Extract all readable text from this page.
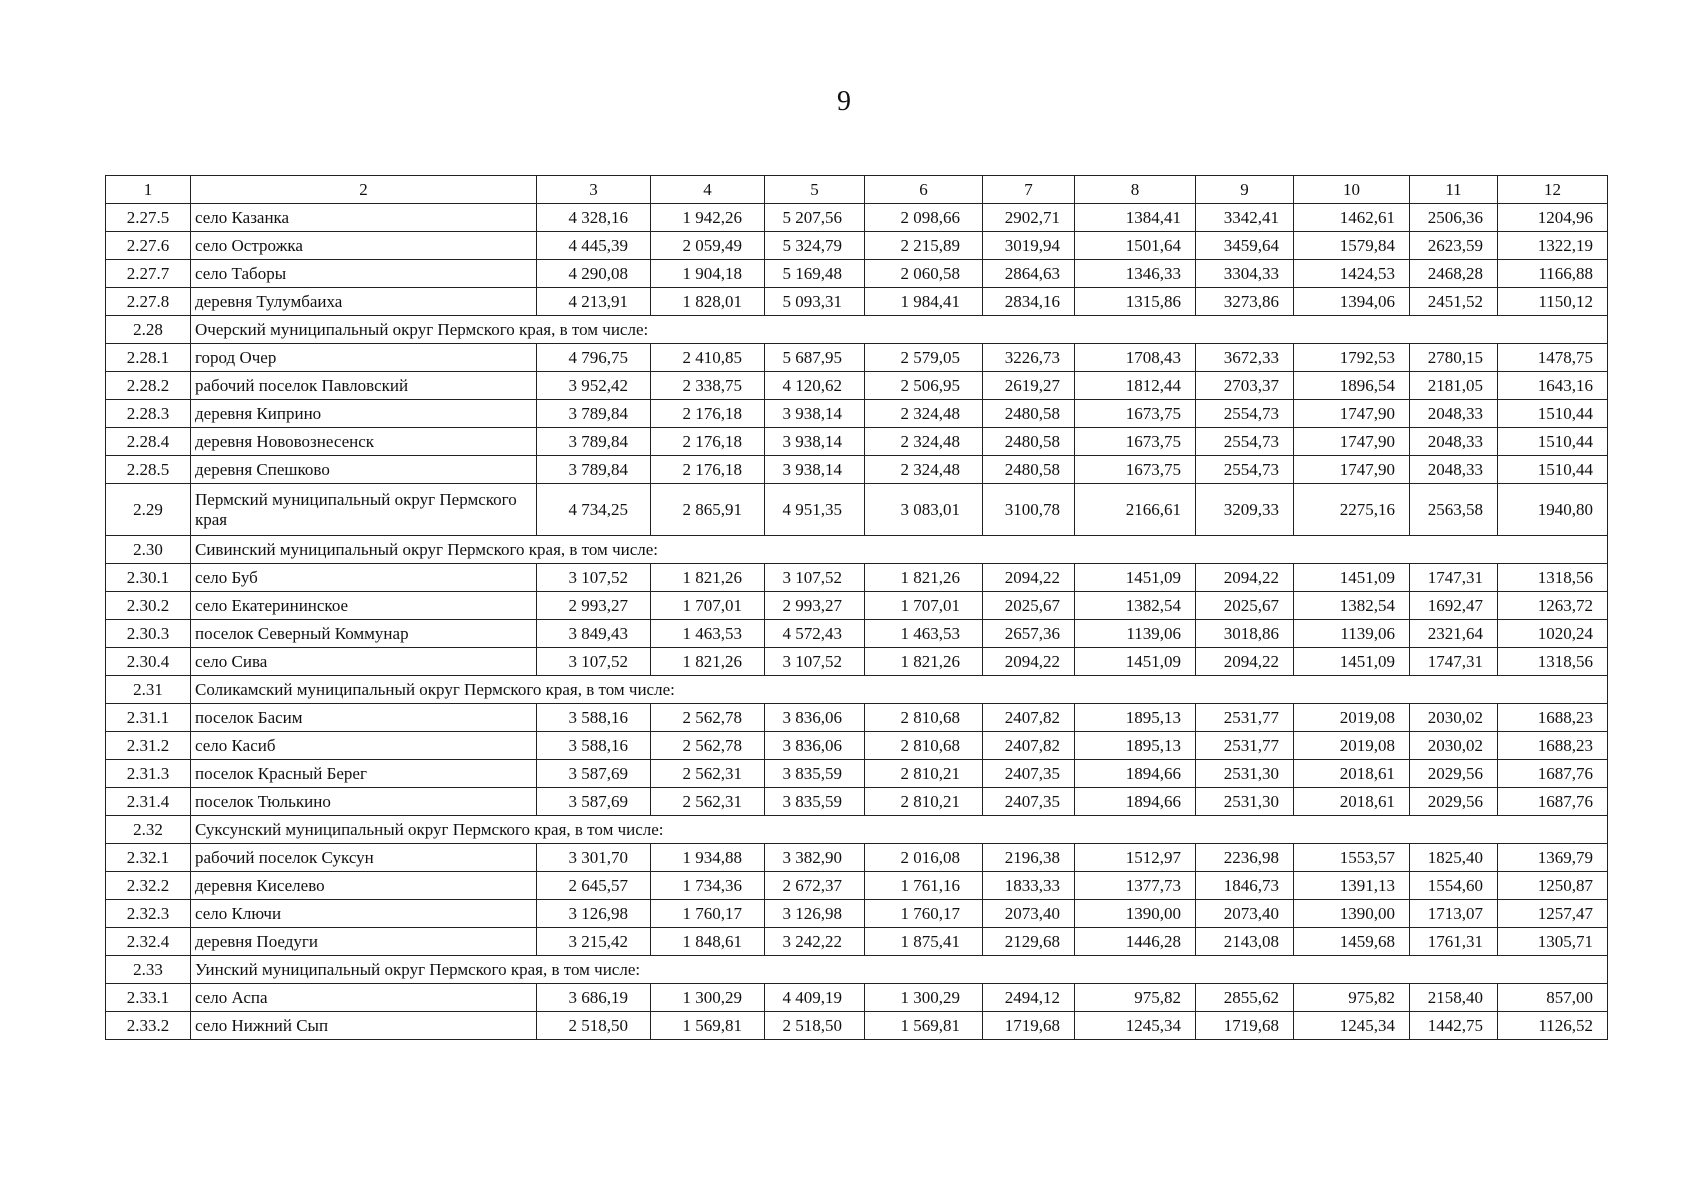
9
1	2	3	4	5	6	7	8	9	10	11	12
2.27.5	село Казанка	4 328,16	1 942,26	5 207,56	2 098,66	2902,71	1384,41	3342,41	1462,61	2506,36	1204,96
2.27.6	село Острожка	4 445,39	2 059,49	5 324,79	2 215,89	3019,94	1501,64	3459,64	1579,84	2623,59	1322,19
2.27.7	село Таборы	4 290,08	1 904,18	5 169,48	2 060,58	2864,63	1346,33	3304,33	1424,53	2468,28	1166,88
2.27.8	деревня Тулумбаиха	4 213,91	1 828,01	5 093,31	1 984,41	2834,16	1315,86	3273,86	1394,06	2451,52	1150,12
2.28	Очерский муниципальный округ Пермского края, в том числе:										
2.28.1	город Очер	4 796,75	2 410,85	5 687,95	2 579,05	3226,73	1708,43	3672,33	1792,53	2780,15	1478,75
2.28.2	рабочий поселок Павловский	3 952,42	2 338,75	4 120,62	2 506,95	2619,27	1812,44	2703,37	1896,54	2181,05	1643,16
2.28.3	деревня Киприно	3 789,84	2 176,18	3 938,14	2 324,48	2480,58	1673,75	2554,73	1747,90	2048,33	1510,44
2.28.4	деревня Нововознесенск	3 789,84	2 176,18	3 938,14	2 324,48	2480,58	1673,75	2554,73	1747,90	2048,33	1510,44
2.28.5	деревня Спешково	3 789,84	2 176,18	3 938,14	2 324,48	2480,58	1673,75	2554,73	1747,90	2048,33	1510,44
2.29	Пермский муниципальный округ Пермского края	4 734,25	2 865,91	4 951,35	3 083,01	3100,78	2166,61	3209,33	2275,16	2563,58	1940,80
2.30	Сивинский муниципальный округ Пермского края, в том числе:										
2.30.1	село Буб	3 107,52	1 821,26	3 107,52	1 821,26	2094,22	1451,09	2094,22	1451,09	1747,31	1318,56
2.30.2	село Екатерининское	2 993,27	1 707,01	2 993,27	1 707,01	2025,67	1382,54	2025,67	1382,54	1692,47	1263,72
2.30.3	поселок Северный Коммунар	3 849,43	1 463,53	4 572,43	1 463,53	2657,36	1139,06	3018,86	1139,06	2321,64	1020,24
2.30.4	село Сива	3 107,52	1 821,26	3 107,52	1 821,26	2094,22	1451,09	2094,22	1451,09	1747,31	1318,56
2.31	Соликамский муниципальный округ Пермского края, в том числе:										
2.31.1	поселок Басим	3 588,16	2 562,78	3 836,06	2 810,68	2407,82	1895,13	2531,77	2019,08	2030,02	1688,23
2.31.2	село Касиб	3 588,16	2 562,78	3 836,06	2 810,68	2407,82	1895,13	2531,77	2019,08	2030,02	1688,23
2.31.3	поселок Красный Берег	3 587,69	2 562,31	3 835,59	2 810,21	2407,35	1894,66	2531,30	2018,61	2029,56	1687,76
2.31.4	поселок Тюлькино	3 587,69	2 562,31	3 835,59	2 810,21	2407,35	1894,66	2531,30	2018,61	2029,56	1687,76
2.32	Суксунский муниципальный округ Пермского края, в том числе:										
2.32.1	рабочий поселок Суксун	3 301,70	1 934,88	3 382,90	2 016,08	2196,38	1512,97	2236,98	1553,57	1825,40	1369,79
2.32.2	деревня Киселево	2 645,57	1 734,36	2 672,37	1 761,16	1833,33	1377,73	1846,73	1391,13	1554,60	1250,87
2.32.3	село Ключи	3 126,98	1 760,17	3 126,98	1 760,17	2073,40	1390,00	2073,40	1390,00	1713,07	1257,47
2.32.4	деревня Поедуги	3 215,42	1 848,61	3 242,22	1 875,41	2129,68	1446,28	2143,08	1459,68	1761,31	1305,71
2.33	Уинский муниципальный округ Пермского края, в том числе:										
2.33.1	село Аспа	3 686,19	1 300,29	4 409,19	1 300,29	2494,12	975,82	2855,62	975,82	2158,40	857,00
2.33.2	село Нижний Сып	2 518,50	1 569,81	2 518,50	1 569,81	1719,68	1245,34	1719,68	1245,34	1442,75	1126,52
